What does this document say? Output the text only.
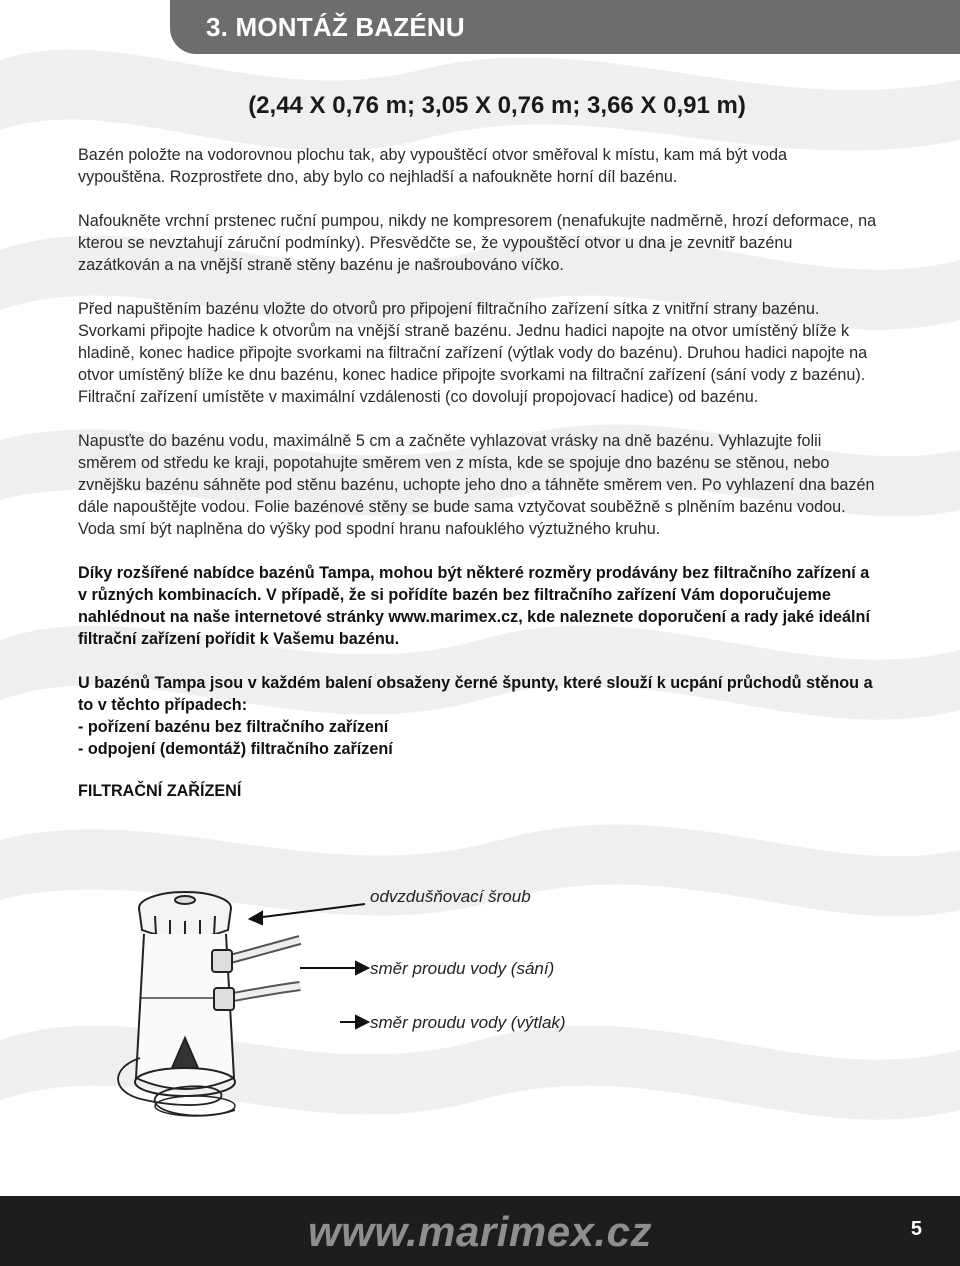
3. MONTÁŽ BAZÉNU
(2,44 X 0,76 m; 3,05 X 0,76 m; 3,66 X 0,91 m)

Bazén položte na vodorovnou plochu tak, aby vypouštěcí otvor směřoval k místu, kam má být voda vypouštěna. Rozprostřete dno, aby bylo co nejhladší a nafoukněte horní díl bazénu.

Nafoukněte vrchní prstenec ruční pumpou, nikdy ne kompresorem (nenafukujte nadměrně, hrozí deformace, na kterou se nevztahují záruční podmínky). Přesvědčte se, že vypouštěcí otvor u dna je zevnitř bazénu zazátkován a na vnější straně stěny bazénu je našroubováno víčko.

Před napuštěním bazénu vložte do otvorů pro připojení filtračního zařízení sítka z vnitřní strany bazénu. Svorkami připojte hadice k otvorům na vnější straně bazénu. Jednu hadici napojte na otvor umístěný blíže k hladině, konec hadice připojte svorkami na filtrační zařízení (výtlak vody do bazénu). Druhou hadici napojte na otvor umístěný blíže ke dnu bazénu, konec hadice připojte svorkami na filtrační zařízení (sání vody z bazénu). Filtrační zařízení umístěte v maximální vzdálenosti (co dovolují propojovací hadice) od bazénu.

Napusťte do bazénu vodu, maximálně 5 cm a začněte vyhlazovat vrásky na dně bazénu. Vyhlazujte folii směrem od středu ke kraji, popotahujte směrem ven z místa, kde se spojuje dno bazénu se stěnou, nebo zvnějšku bazénu sáhněte pod stěnu bazénu, uchopte jeho dno a táhněte směrem ven. Po vyhlazení dna bazén dále napouštějte vodou. Folie bazénové stěny se bude sama vztyčovat souběžně s plněním bazénu vodou. Voda smí být naplněna do výšky pod spodní hranu nafouklého výztužného kruhu.

Díky rozšířené nabídce bazénů Tampa, mohou být některé rozměry prodávány bez filtračního zařízení a v různých kombinacích. V případě, že si pořídíte bazén bez filtračního zařízení Vám doporučujeme nahlédnout na naše internetové stránky www.marimex.cz, kde naleznete doporučení a rady jaké ideální filtrační zařízení pořídit k Vašemu bazénu.

U bazénů Tampa jsou v každém balení obsaženy černé špunty, které slouží k ucpání průchodů stěnou a to v těchto případech:
- pořízení bazénu bez filtračního zařízení
- odpojení (demontáž) filtračního zařízení

FILTRAČNÍ ZAŘÍZENÍ
odvzdušňovací šroub
směr proudu vody (sání)
směr proudu vody (výtlak)
www.marimex.cz	5
